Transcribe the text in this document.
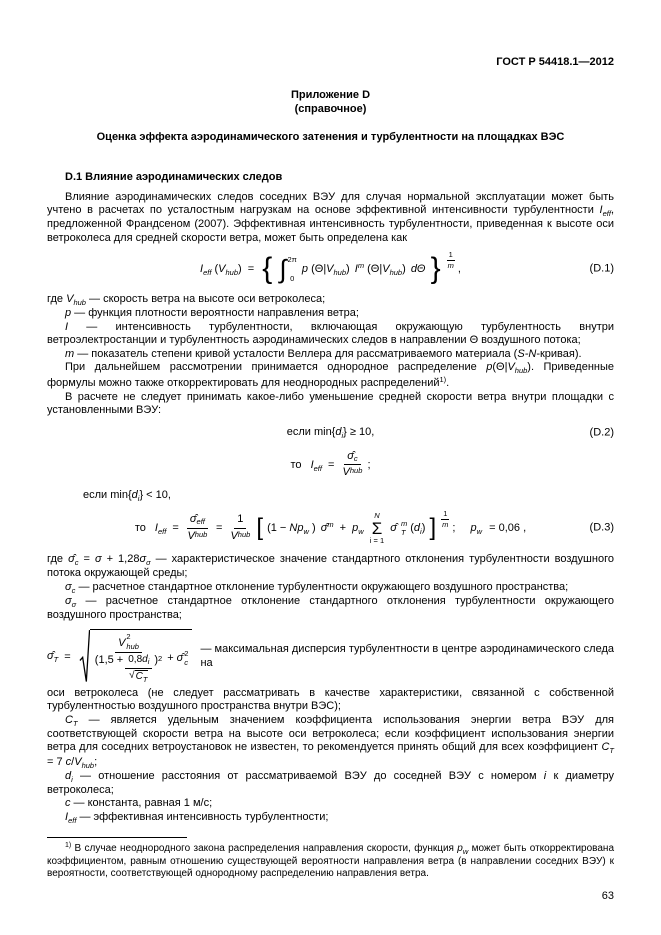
ГОСТ Р 54418.1—2012
Приложение D
(справочное)
Оценка эффекта аэродинамического затенения и турбулентности на площадках ВЭС
D.1 Влияние аэродинамических следов

Влияние аэродинамических следов соседних ВЭУ для случая нормальной эксплуатации может быть учтено в расчетах по усталостным нагрузкам на основе эффективной интенсивности турбулентности $I_{eff}$, предложенной Франдсеном (2007). Эффективная интенсивность турбулентности, приведенная к высоте оси ветроколеса для средней скорости ветра, может быть определена как

$I_{eff}$ $(V_{hub})$ = { ∫ 2π
0
p $(\Theta|V_{hub})$ $I^m$ $(\Theta|V_{hub})$ dΘ } $\frac{1}{m}$ ,	(D.1)

где $V_{hub}$ — скорость ветра на высоте оси ветроколеса;

p — функция плотности вероятности направления ветра;

I — интенсивность турбулентности, включающая окружающую турбулентность внутри ветроэлектростанции и турбулентность аэродинамических следов в направлении Θ воздушного потока;

m — показатель степени кривой усталости Веллера для рассматриваемого материала (S-N-кривая).

При дальнейшем рассмотрении принимается однородное распределение $p(\Theta|V_{hub})$. Приведенные формулы можно также откорректировать для неоднородных распределений$^{1)}$.

В расчете не следует принимать какое-либо уменьшение средней скорости ветра внутри площадки с установленными ВЭУ:

если $\min\{d_i\} \ge 10$,	(D.2)
то $I_{eff} = \frac{\sigmâ c}{\text{V hub}}$ ;
если $\min\{d_i\} < 10$,
то $I_{eff} = \frac{\text{σ̂ eff}}{\text{V hub}} = \frac{1}{\text{V hub}}$ [ ($1 - Np_w$ ) σ̂$^m$ + $p_w$
N
Σ
i = 1
σ̂ m
T $(d_i)$ ] $\frac{1}{m}$ ; $p_w = 0,06$ ,	(D.3)

где $\sigmâ_c = \sigma + 1,28\sigma_\sigma$ — характеристическое значение стандартного отклонения турбулентности воздушного потока окружающей среды;

$\sigma_c$ — расчетное стандартное отклонение турбулентности окружающего воздушного пространства;

$\sigma_\sigma$ — расчетное стандартное отклонение стандартного отклонения турбулентности окружающего воздушного пространства;

$\sigmâ_T$ =
V
2
hub
($1,5 + \frac{\text{0,8 d i}}{√ C_T}$ ) 2 + σ̂ 2
c
— максимальная дисперсия турбулентности в центре аэродинамического следа на

оси ветроколеса (не следует рассматривать в качестве характеристики, связанной с собственной турбулентностью воздушного пространства внутри ВЭС);

$C_T$ — является удельным значением коэффициента использования энергии ветра ВЭУ для соответствующей скорости ветра на высоте оси ветроколеса; если коэффициент использования энергии ветра для соседних ветроустановок не известен, то рекомендуется принять общий для всех коэффициент $C_T = 7$ $c/V_{hub}$;

$d_i$ — отношение расстояния от рассматриваемой ВЭУ до соседней ВЭУ с номером i к диаметру ветроколеса;

c — константа, равная 1 м/с;

$I_{eff}$ — эффективная интенсивность турбулентности;

$^{1)}$ В случае неоднородного закона распределения направления скорости, функция $p_w$ может быть откорректирована коэффициентом, равным отношению существующей вероятности направления ветра (в направлении соседних ВЭУ) к вероятности, соответствующей однородному распределению направления ветра.

63
